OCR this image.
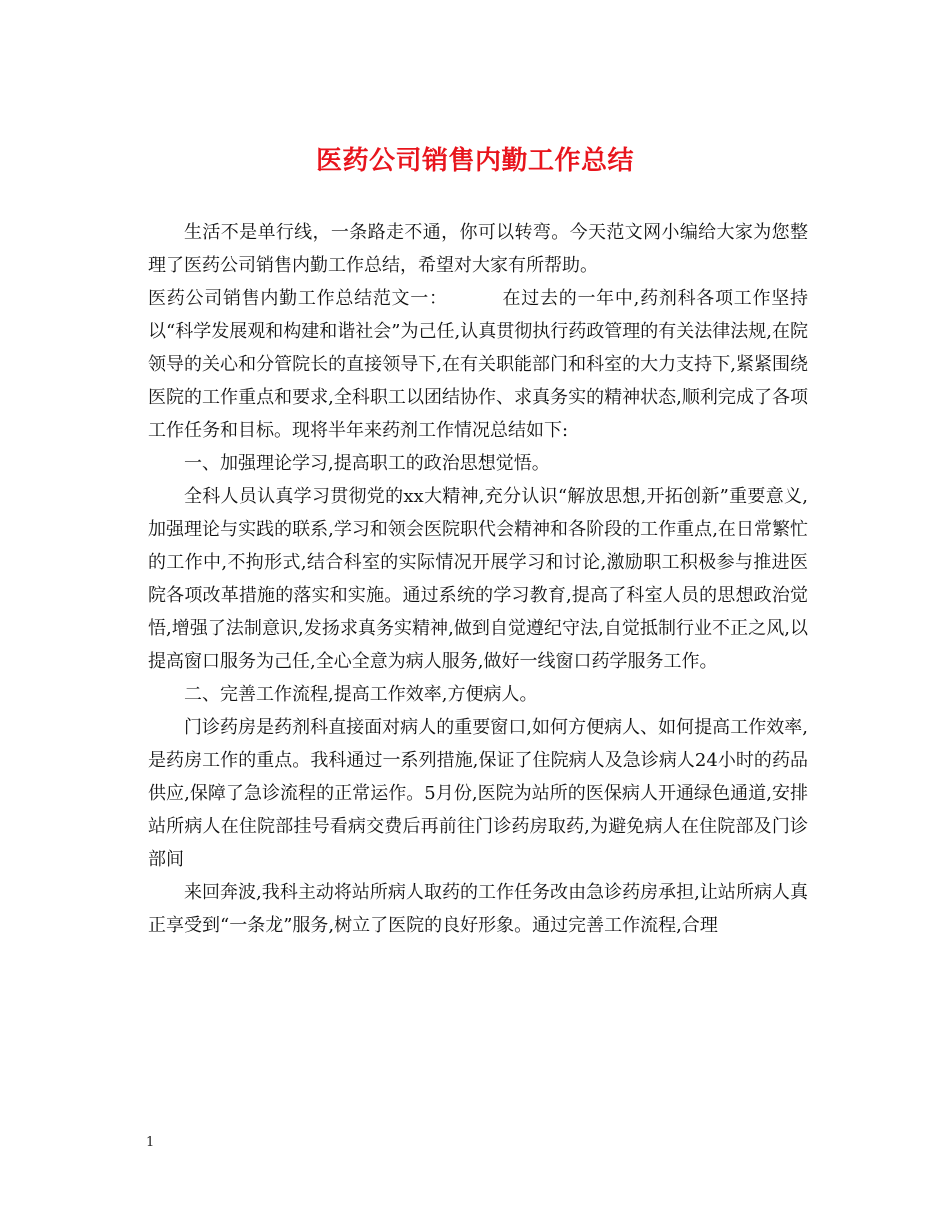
医药公司销售内勤工作总结

生活不是单行线，一条路走不通，你可以转弯。今天范文网小编给大家为您整理了医药公司销售内勤工作总结，希望对大家有所帮助。

医药公司销售内勤工作总结范文一：	在过去的一年中,药剂科各项工作坚持以“科学发展观和构建和谐社会”为己任,认真贯彻执行药政管理的有关法律法规,在院领导的关心和分管院长的直接领导下,在有关职能部门和科室的大力支持下,紧紧围绕医院的工作重点和要求,全科职工以团结协作、求真务实的精神状态,顺利完成了各项工作任务和目标。现将半年来药剂工作情况总结如下:

一、加强理论学习,提高职工的政治思想觉悟。

全科人员认真学习贯彻党的xx大精神,充分认识“解放思想,开拓创新”重要意义,加强理论与实践的联系,学习和领会医院职代会精神和各阶段的工作重点,在日常繁忙的工作中,不拘形式,结合科室的实际情况开展学习和讨论,激励职工积极参与推进医院各项改革措施的落实和实施。通过系统的学习教育,提高了科室人员的思想政治觉悟,增强了法制意识,发扬求真务实精神,做到自觉遵纪守法,自觉抵制行业不正之风,以提高窗口服务为己任,全心全意为病人服务,做好一线窗口药学服务工作。

二、完善工作流程,提高工作效率,方便病人。

门诊药房是药剂科直接面对病人的重要窗口,如何方便病人、如何提高工作效率,是药房工作的重点。我科通过一系列措施,保证了住院病人及急诊病人24小时的药品供应,保障了急诊流程的正常运作。5月份,医院为站所的医保病人开通绿色通道,安排站所病人在住院部挂号看病交费后再前往门诊药房取药,为避免病人在住院部及门诊部间

来回奔波,我科主动将站所病人取药的工作任务改由急诊药房承担,让站所病人真正享受到“一条龙”服务,树立了医院的良好形象。通过完善工作流程,合理

1
